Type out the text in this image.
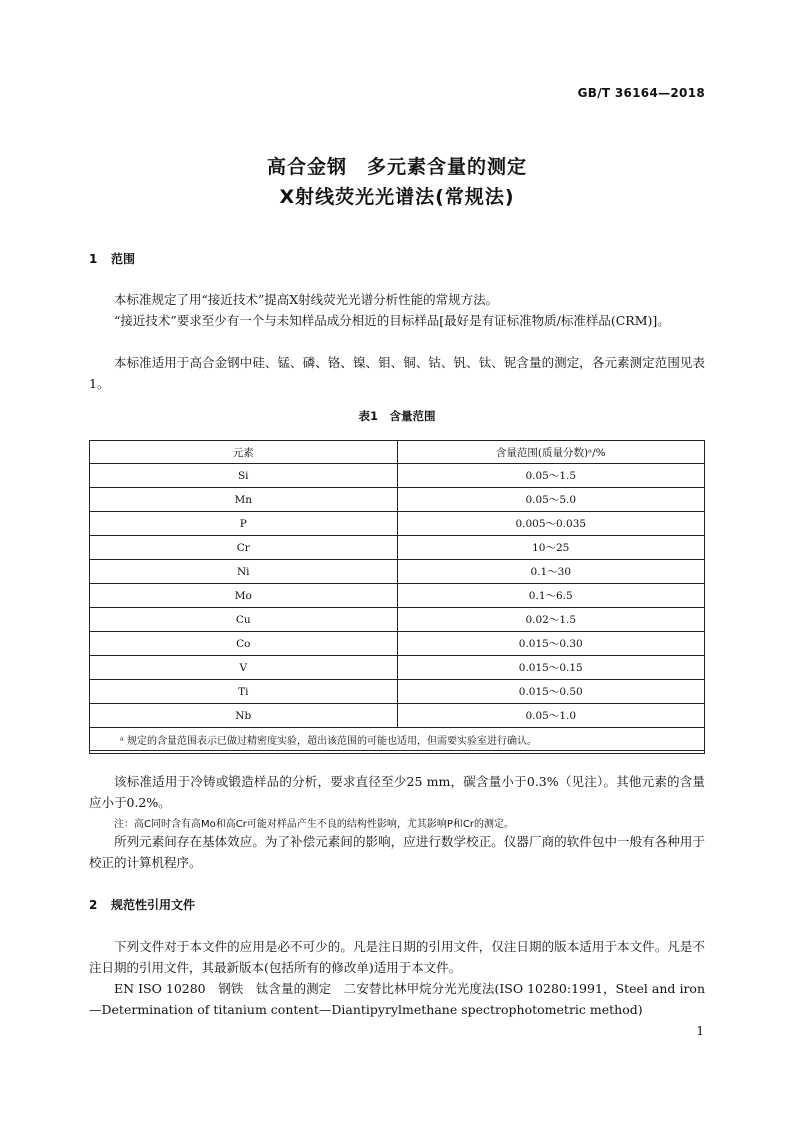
GB/T 36164—2018
高合金钢　多元素含量的测定
X射线荧光光谱法(常规法)
1 范围

本标准规定了用“接近技术”提高X射线荧光光谱分析性能的常规方法。

“接近技术”要求至少有一个与未知样品成分相近的目标样品[最好是有证标准物质/标准样品(CRM)]。

本标准适用于高合金钢中硅、锰、磷、铬、镍、钼、铜、钴、钒、钛、铌含量的测定，各元素测定范围见表1。

表1　含量范围
元素	含量范围(质量分数)ᵃ/%
Si	0.05～1.5
Mn	0.05～5.0
P	0.005～0.035
Cr	10～25
Ni	0.1～30
Mo	0.1～6.5
Cu	0.02～1.5
Co	0.015～0.30
V	0.015～0.15
Ti	0.015～0.50
Nb	0.05～1.0
ᵃ 规定的含量范围表示已做过精密度实验，超出该范围的可能也适用，但需要实验室进行确认。	

该标准适用于冷铸或锻造样品的分析，要求直径至少25 mm，碳含量小于0.3%（见注）。其他元素的含量应小于0.2%。

注：高C同时含有高Mo和高Cr可能对样品产生不良的结构性影响，尤其影响P和Cr的测定。

所列元素间存在基体效应。为了补偿元素间的影响，应进行数学校正。仪器厂商的软件包中一般有各种用于校正的计算机程序。

2 规范性引用文件

下列文件对于本文件的应用是必不可少的。凡是注日期的引用文件，仅注日期的版本适用于本文件。凡是不注日期的引用文件，其最新版本(包括所有的修改单)适用于本文件。

EN ISO 10280　钢铁　钛含量的测定　二安替比林甲烷分光光度法(ISO 10280:1991，Steel and iron—Determination of titanium content—Diantipyrylmethane spectrophotometric method)

1
